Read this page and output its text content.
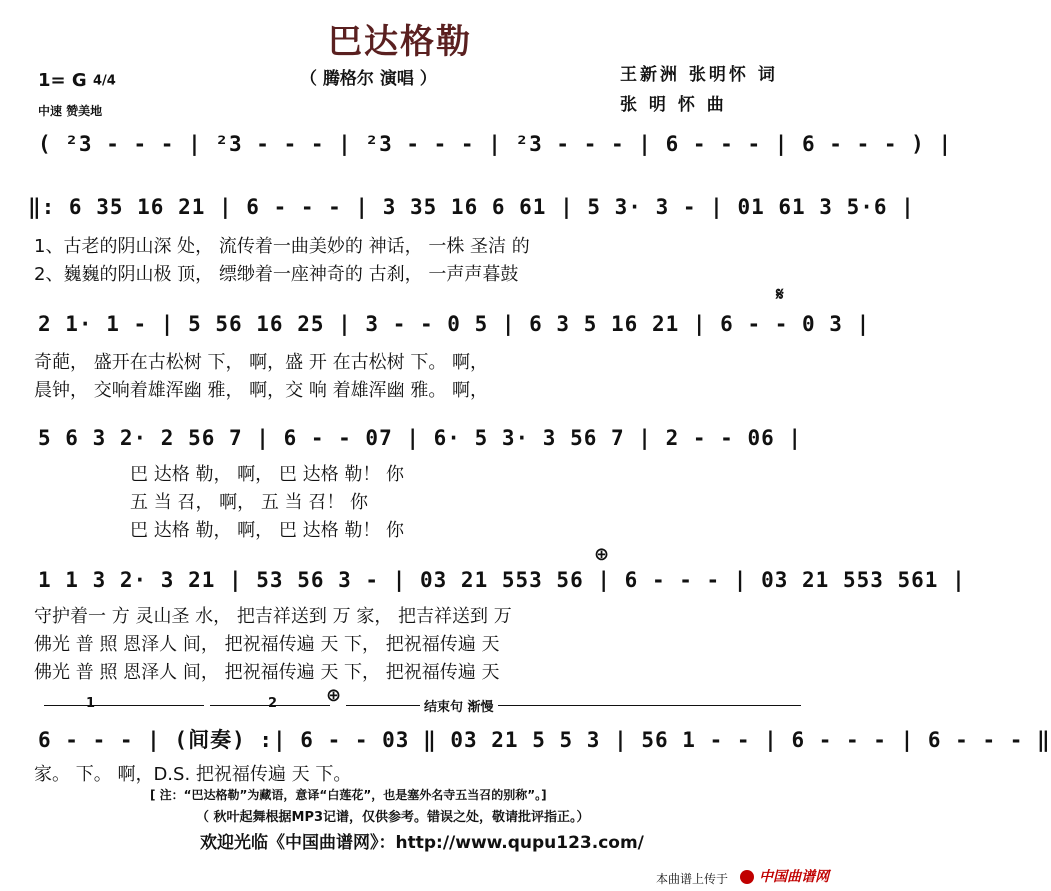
巴达格勒
（ 腾格尔 演唱 ）	王新洲 张明怀 词
张 明 怀 曲
1= G 4/4
中速 赞美地
( ²3 - - - | ²3 - - - | ²3 - - - | ²3 - - - | 6 - - - | 6 - - - ) |
‖: 6 35 16 21 | 6 - - - | 3 35 16 6 61 | 5 3· 3 - | 01 61 3 5·6 |
1、古老的阴山深 处， 流传着一曲美妙的 神话， 一株 圣洁 的
2、巍巍的阴山极 顶， 缥缈着一座神奇的 古刹， 一声声暮鼓
𝄋
2 1· 1 - | 5 56 16 25 | 3 - - 0 5 | 6 3 5 16 21 | 6 - - 0 3 |
奇葩， 盛开在古松树 下， 啊，盛 开 在古松树 下。 啊，
晨钟， 交响着雄浑幽 雅， 啊，交 响 着雄浑幽 雅。 啊，
5 6 3 2· 2 56 7 | 6 - - 07 | 6· 5 3· 3 56 7 | 2 - - 06 |
巴 达格 勒， 啊， 巴 达格 勒！ 你
五 当 召， 啊， 五 当 召！ 你
巴 达格 勒， 啊， 巴 达格 勒！ 你
⊕
1 1 3 2· 3 21 | 53 56 3 - | 03 21 553 56 | 6 - - - | 03 21 553 561 |
守护着一 方 灵山圣 水， 把吉祥送到 万 家， 把吉祥送到 万
佛光 普 照 恩泽人 间， 把祝福传遍 天 下， 把祝福传遍 天
佛光 普 照 恩泽人 间， 把祝福传遍 天 下， 把祝福传遍 天
1	2	⊕
结束句 渐慢
6 - - - | (间奏) :| 6 - - 03 ‖ 03 21 5 5 3 | 56 1 - - | 6 - - - | 6 - - - ‖
家。 下。 啊，D.S. 把祝福传遍 天 下。
[ 注：“巴达格勒”为藏语，意译“白莲花”，也是塞外名寺五当召的别称”。]
（ 秋叶起舞根据MP3记谱，仅供参考。错误之处，敬请批评指正。）
欢迎光临《中国曲谱网》：http://www.qupu123.com/
本曲谱上传于	中国曲谱网
